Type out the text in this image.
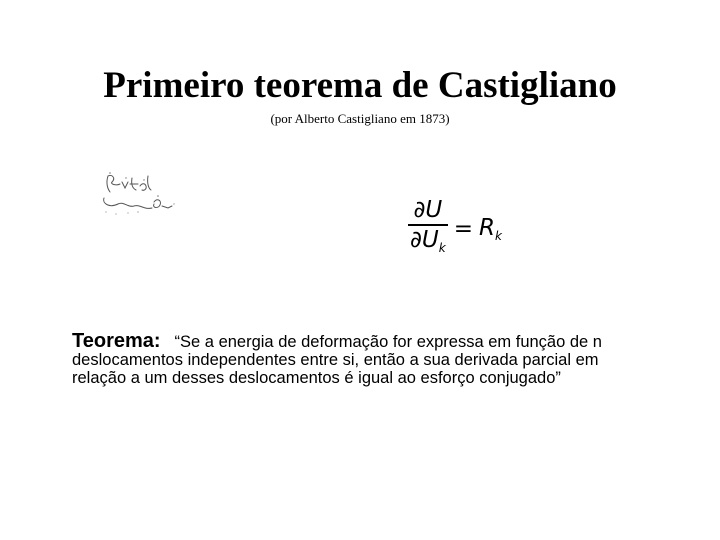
Primeiro teorema de Castigliano
(por Alberto Castigliano em 1873)
$\frac{\partial U}{\partial U_k} = R_k$

Teorema: “Se a energia de deformação for expressa em função de n deslocamentos independentes entre si, então a sua derivada parcial em relação a um desses deslocamentos é igual ao esforço conjugado”
